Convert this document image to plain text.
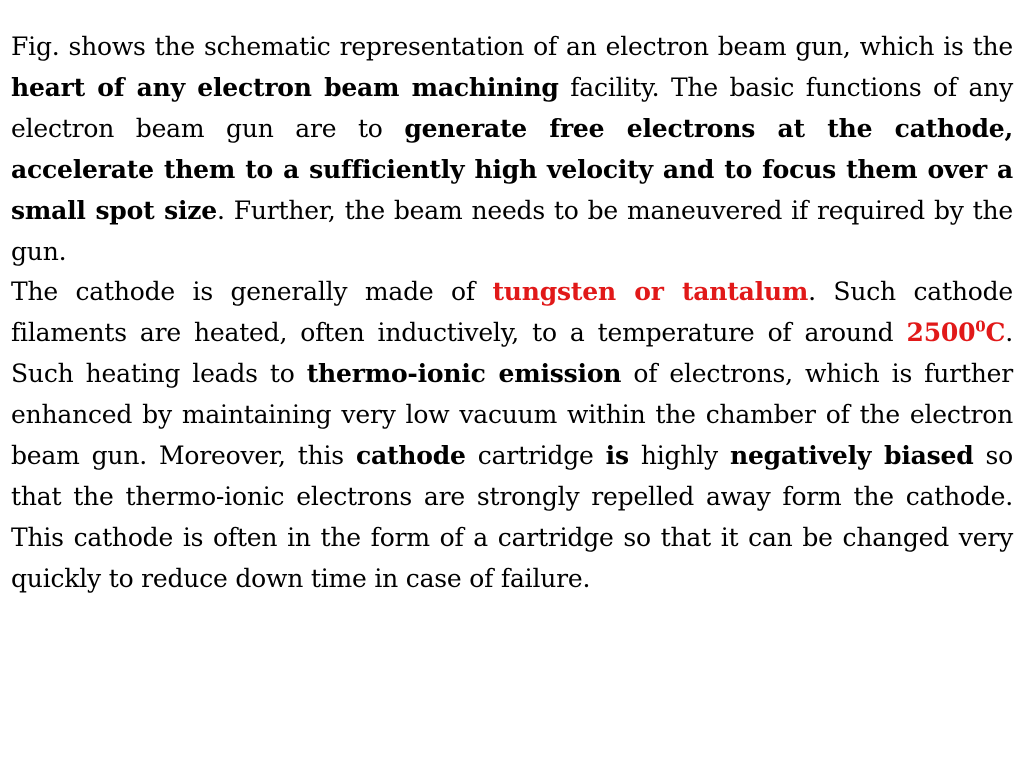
Fig. shows the schematic representation of an electron beam gun, which is the heart of any electron beam machining facility. The basic functions of any electron beam gun are to generate free electrons at the cathode, accelerate them to a sufficiently high velocity and to focus them over a small spot size. Further, the beam needs to be maneuvered if required by the gun.

The cathode is generally made of tungsten or tantalum. Such cathode filaments are heated, often inductively, to a temperature of around 2500$^0$C. Such heating leads to thermo-ionic emission of electrons, which is further enhanced by maintaining very low vacuum within the chamber of the electron beam gun. Moreover, this cathode cartridge is highly negatively biased so that the thermo-ionic electrons are strongly repelled away form the cathode. This cathode is often in the form of a cartridge so that it can be changed very quickly to reduce down time in case of failure.
